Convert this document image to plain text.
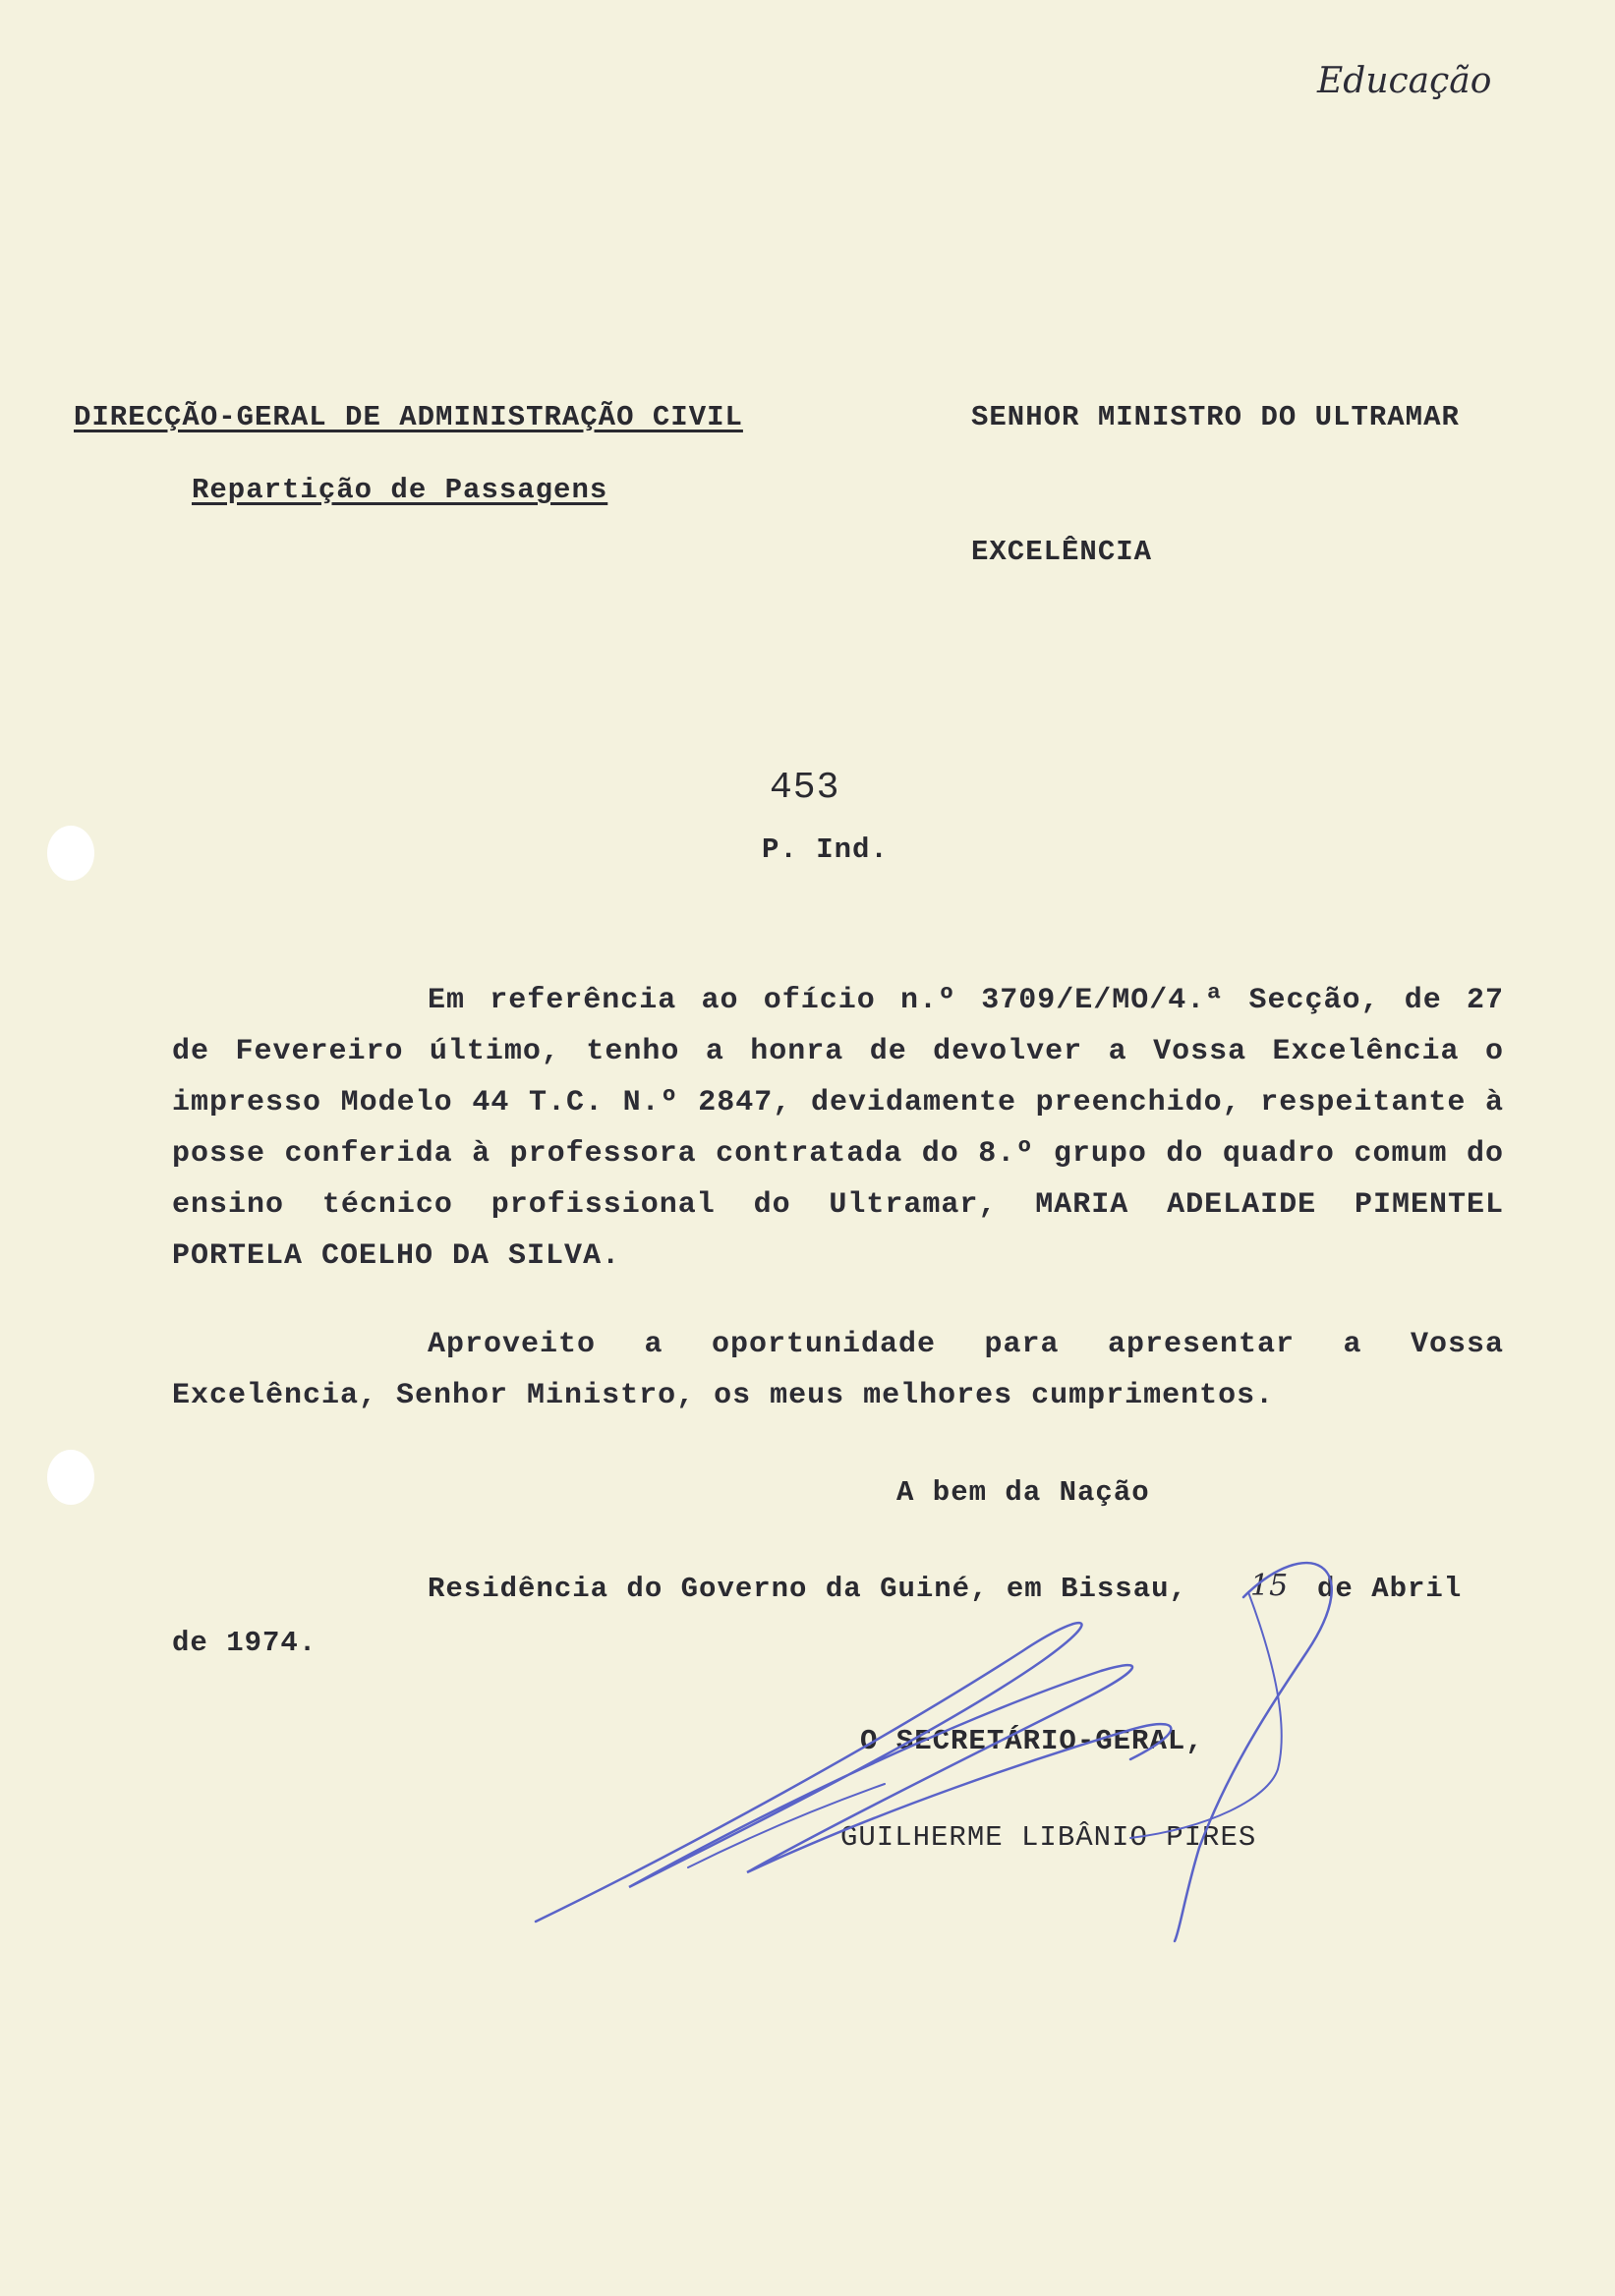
Educação
DIRECÇÃO-GERAL DE ADMINISTRAÇÃO CIVIL
Repartição de Passagens
SENHOR MINISTRO DO ULTRAMAR
EXCELÊNCIA
453
P. Ind.
Em referência ao ofício n.º 3709/E/MO/4.ª Secção, de 27 de Fevereiro último, tenho a honra de devolver a Vossa Excelência o impresso Modelo 44 T.C. N.º 2847, devidamente preenchido, respeitante à posse conferida à professora contratada do 8.º grupo do quadro comum do ensino técnico profissional do Ultramar, MARIA ADELAIDE PIMENTEL PORTELA COELHO DA SILVA.
Aproveito a oportunidade para apresentar a Vossa Excelência, Senhor Ministro, os meus melhores cumprimentos.
A bem da Nação
Residência do Governo da Guiné, em Bissau, 15 de Abril
de 1974.
O SECRETÁRIO-GERAL,
GUILHERME LIBÂNIO PIRES
